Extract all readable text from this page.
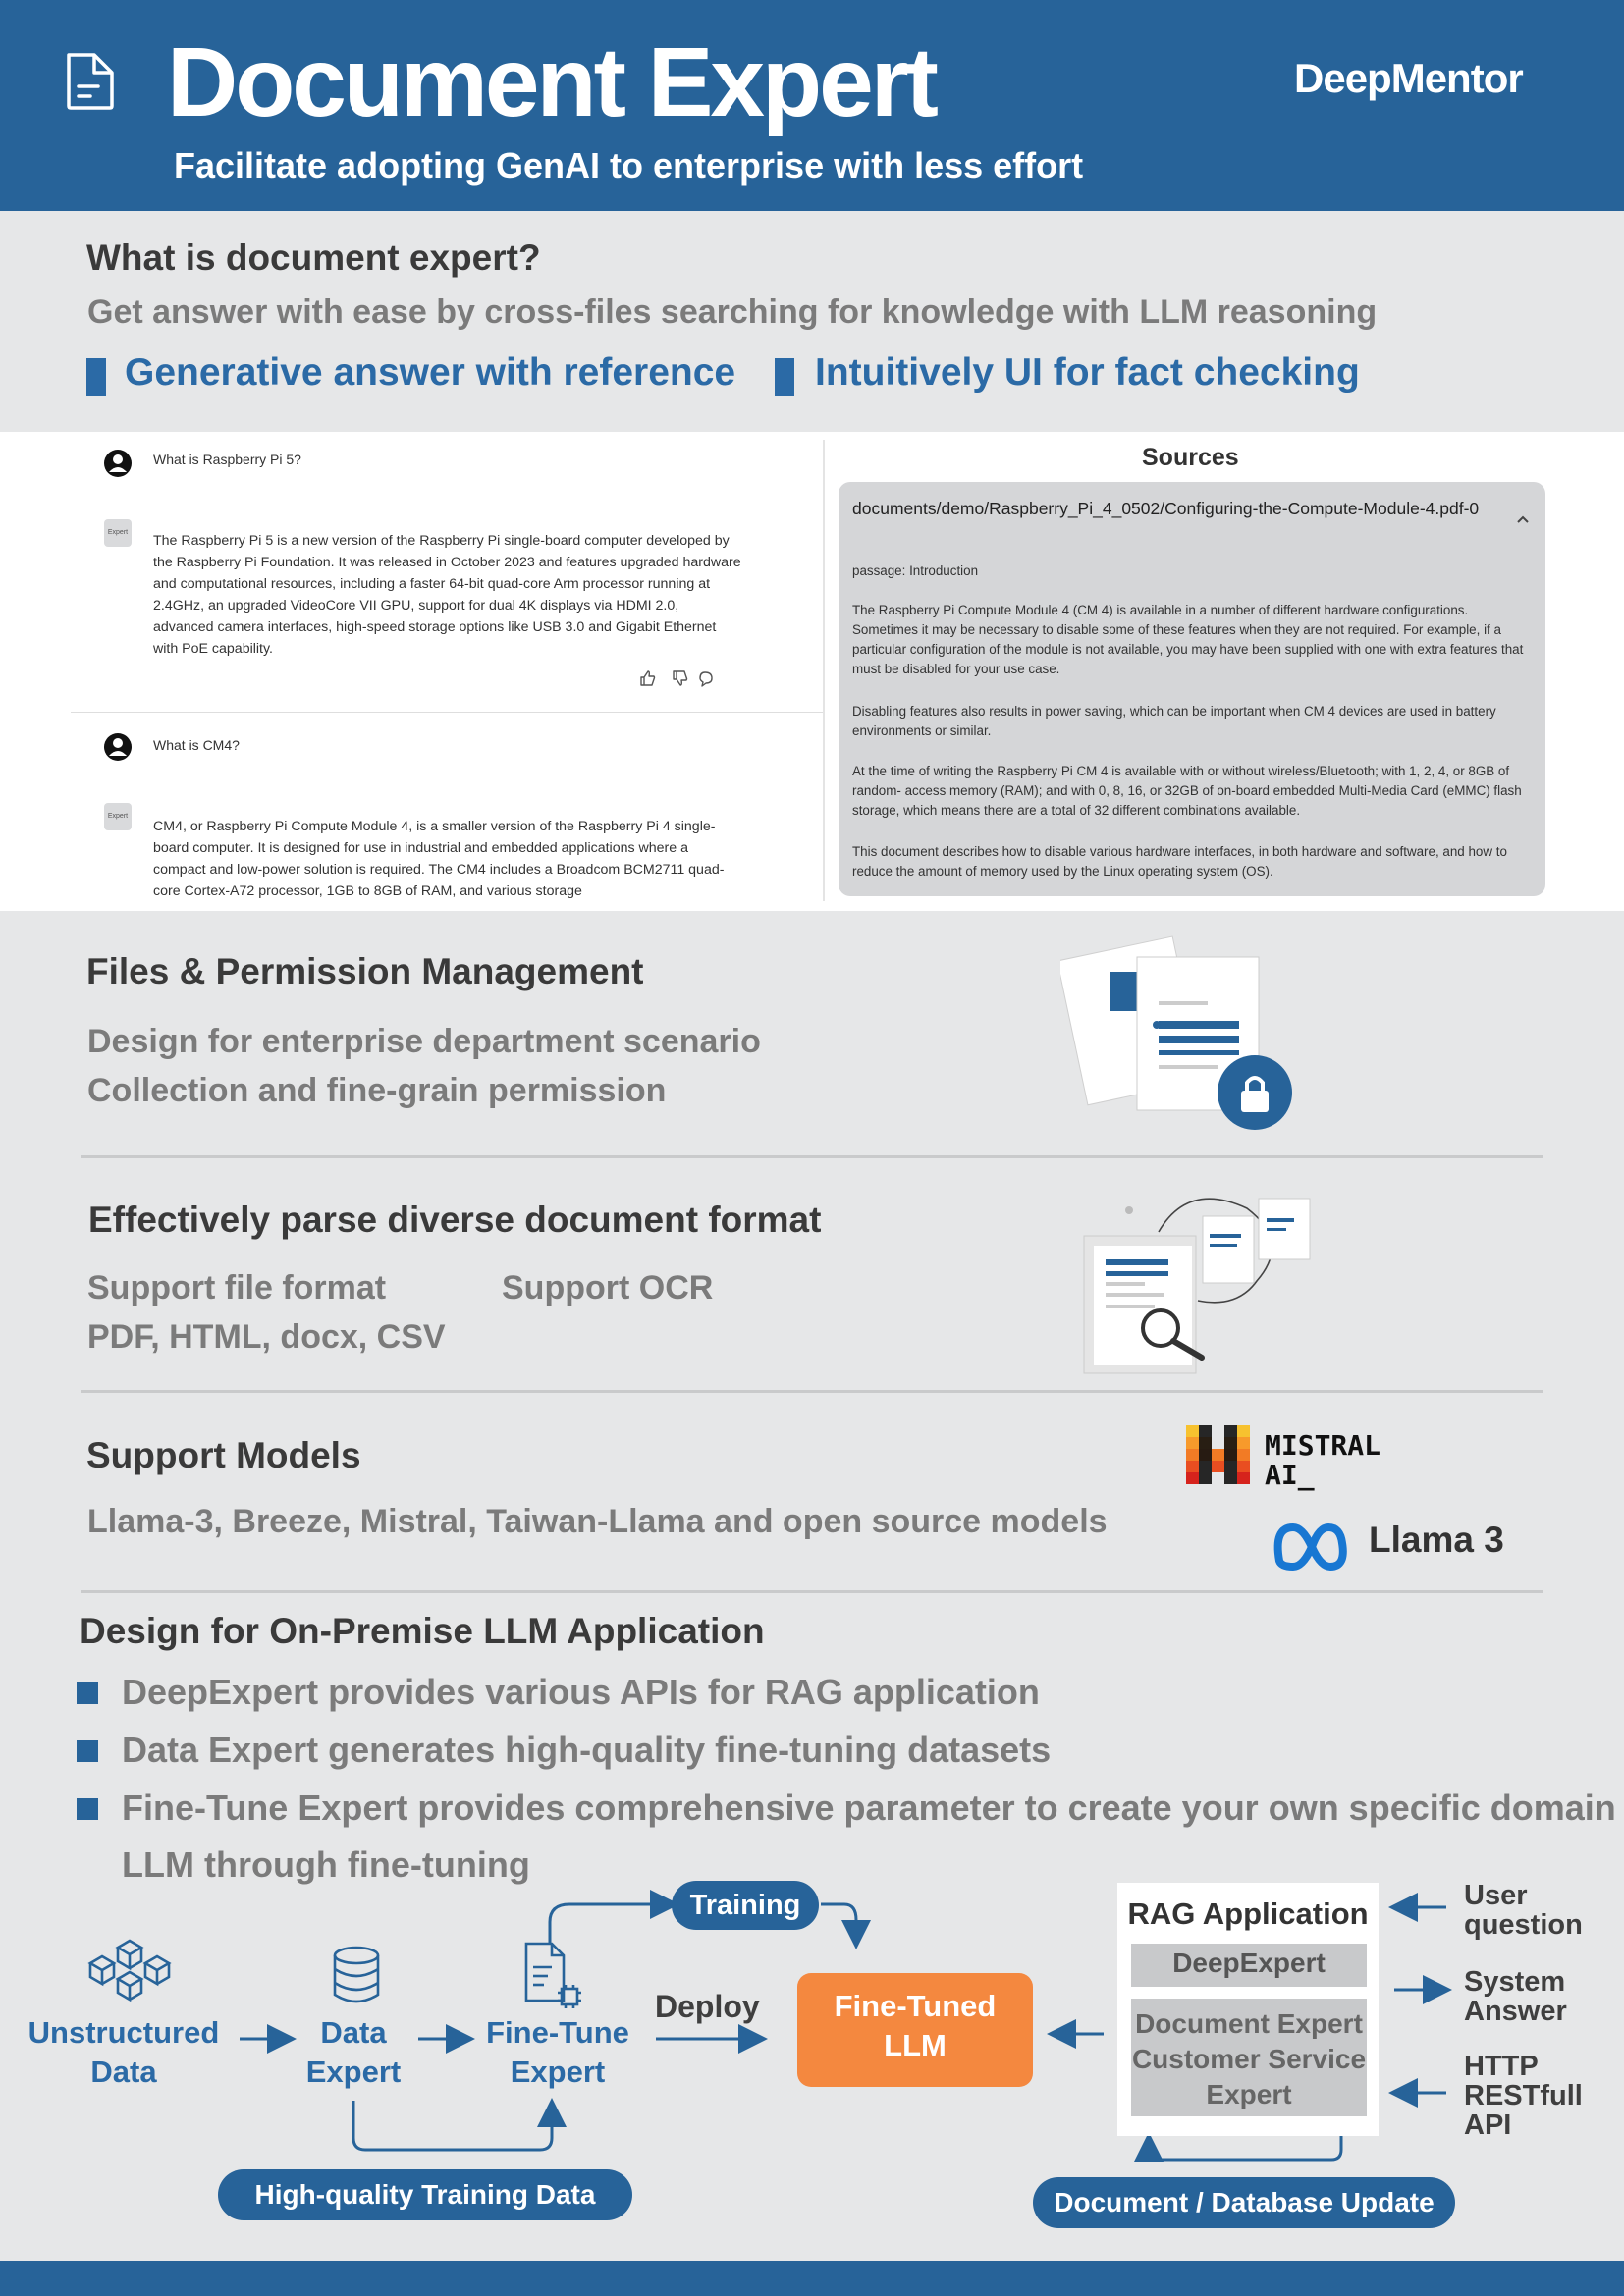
Document Expert
Facilitate adopting GenAI to enterprise with less effort
DeepMentor
What is document expert?
Get answer with ease by cross-files searching for knowledge with LLM reasoning
Generative answer with reference Intuitively UI for fact checking
What is Raspberry Pi 5?
Expert
The Raspberry Pi 5 is a new version of the Raspberry Pi single-board computer developed by the Raspberry Pi Foundation. It was released in October 2023 and features upgraded hardware and computational resources, including a faster 64-bit quad-core Arm processor running at 2.4GHz, an upgraded VideoCore VII GPU, support for dual 4K displays via HDMI 2.0, advanced camera interfaces, high-speed storage options like USB 3.0 and Gigabit Ethernet with PoE capability.
What is CM4?
Expert
CM4, or Raspberry Pi Compute Module 4, is a smaller version of the Raspberry Pi 4 single-board computer. It is designed for use in industrial and embedded applications where a compact and low-power solution is required. The CM4 includes a Broadcom BCM2711 quad-core Cortex-A72 processor, 1GB to 8GB of RAM, and various storage
Sources
documents/demo/Raspberry_Pi_4_0502/Configuring-the-Compute-Module-4.pdf-0
passage: Introduction
The Raspberry Pi Compute Module 4 (CM 4) is available in a number of different hardware configurations. Sometimes it may be necessary to disable some of these features when they are not required. For example, if a particular configuration of the module is not available, you may have been supplied with one with extra features that must be disabled for your use case.
Disabling features also results in power saving, which can be important when CM 4 devices are used in battery environments or similar.
At the time of writing the Raspberry Pi CM 4 is available with or without wireless/Bluetooth; with 1, 2, 4, or 8GB of random- access memory (RAM); and with 0, 8, 16, or 32GB of on-board embedded Multi-Media Card (eMMC) flash storage, which means there are a total of 32 different combinations available.
This document describes how to disable various hardware interfaces, in both hardware and software, and how to reduce the amount of memory used by the Linux operating system (OS).
Files & Permission Management
Design for enterprise department scenario
Collection and fine-grain permission
Effectively parse diverse document format
Support file format
PDF, HTML, docx, CSV
Support OCR
Support Models
Llama-3, Breeze, Mistral, Taiwan-Llama and open source models
MISTRAL
AI_
Llama 3
Design for On-Premise LLM Application
DeepExpert provides various APIs for RAG application
Data Expert generates high-quality fine-tuning datasets
Fine-Tune Expert provides comprehensive parameter to create your own specific domain
LLM through fine-tuning
Unstructured
Data
Data
Expert
Fine-Tune
Expert
Training
Deploy	Fine-Tuned
LLM
High-quality Training Data
RAG Application
DeepExpert
Document Expert
Customer Service
Expert
User
question
System
Answer
HTTP
RESTfull
API
Document / Database Update
